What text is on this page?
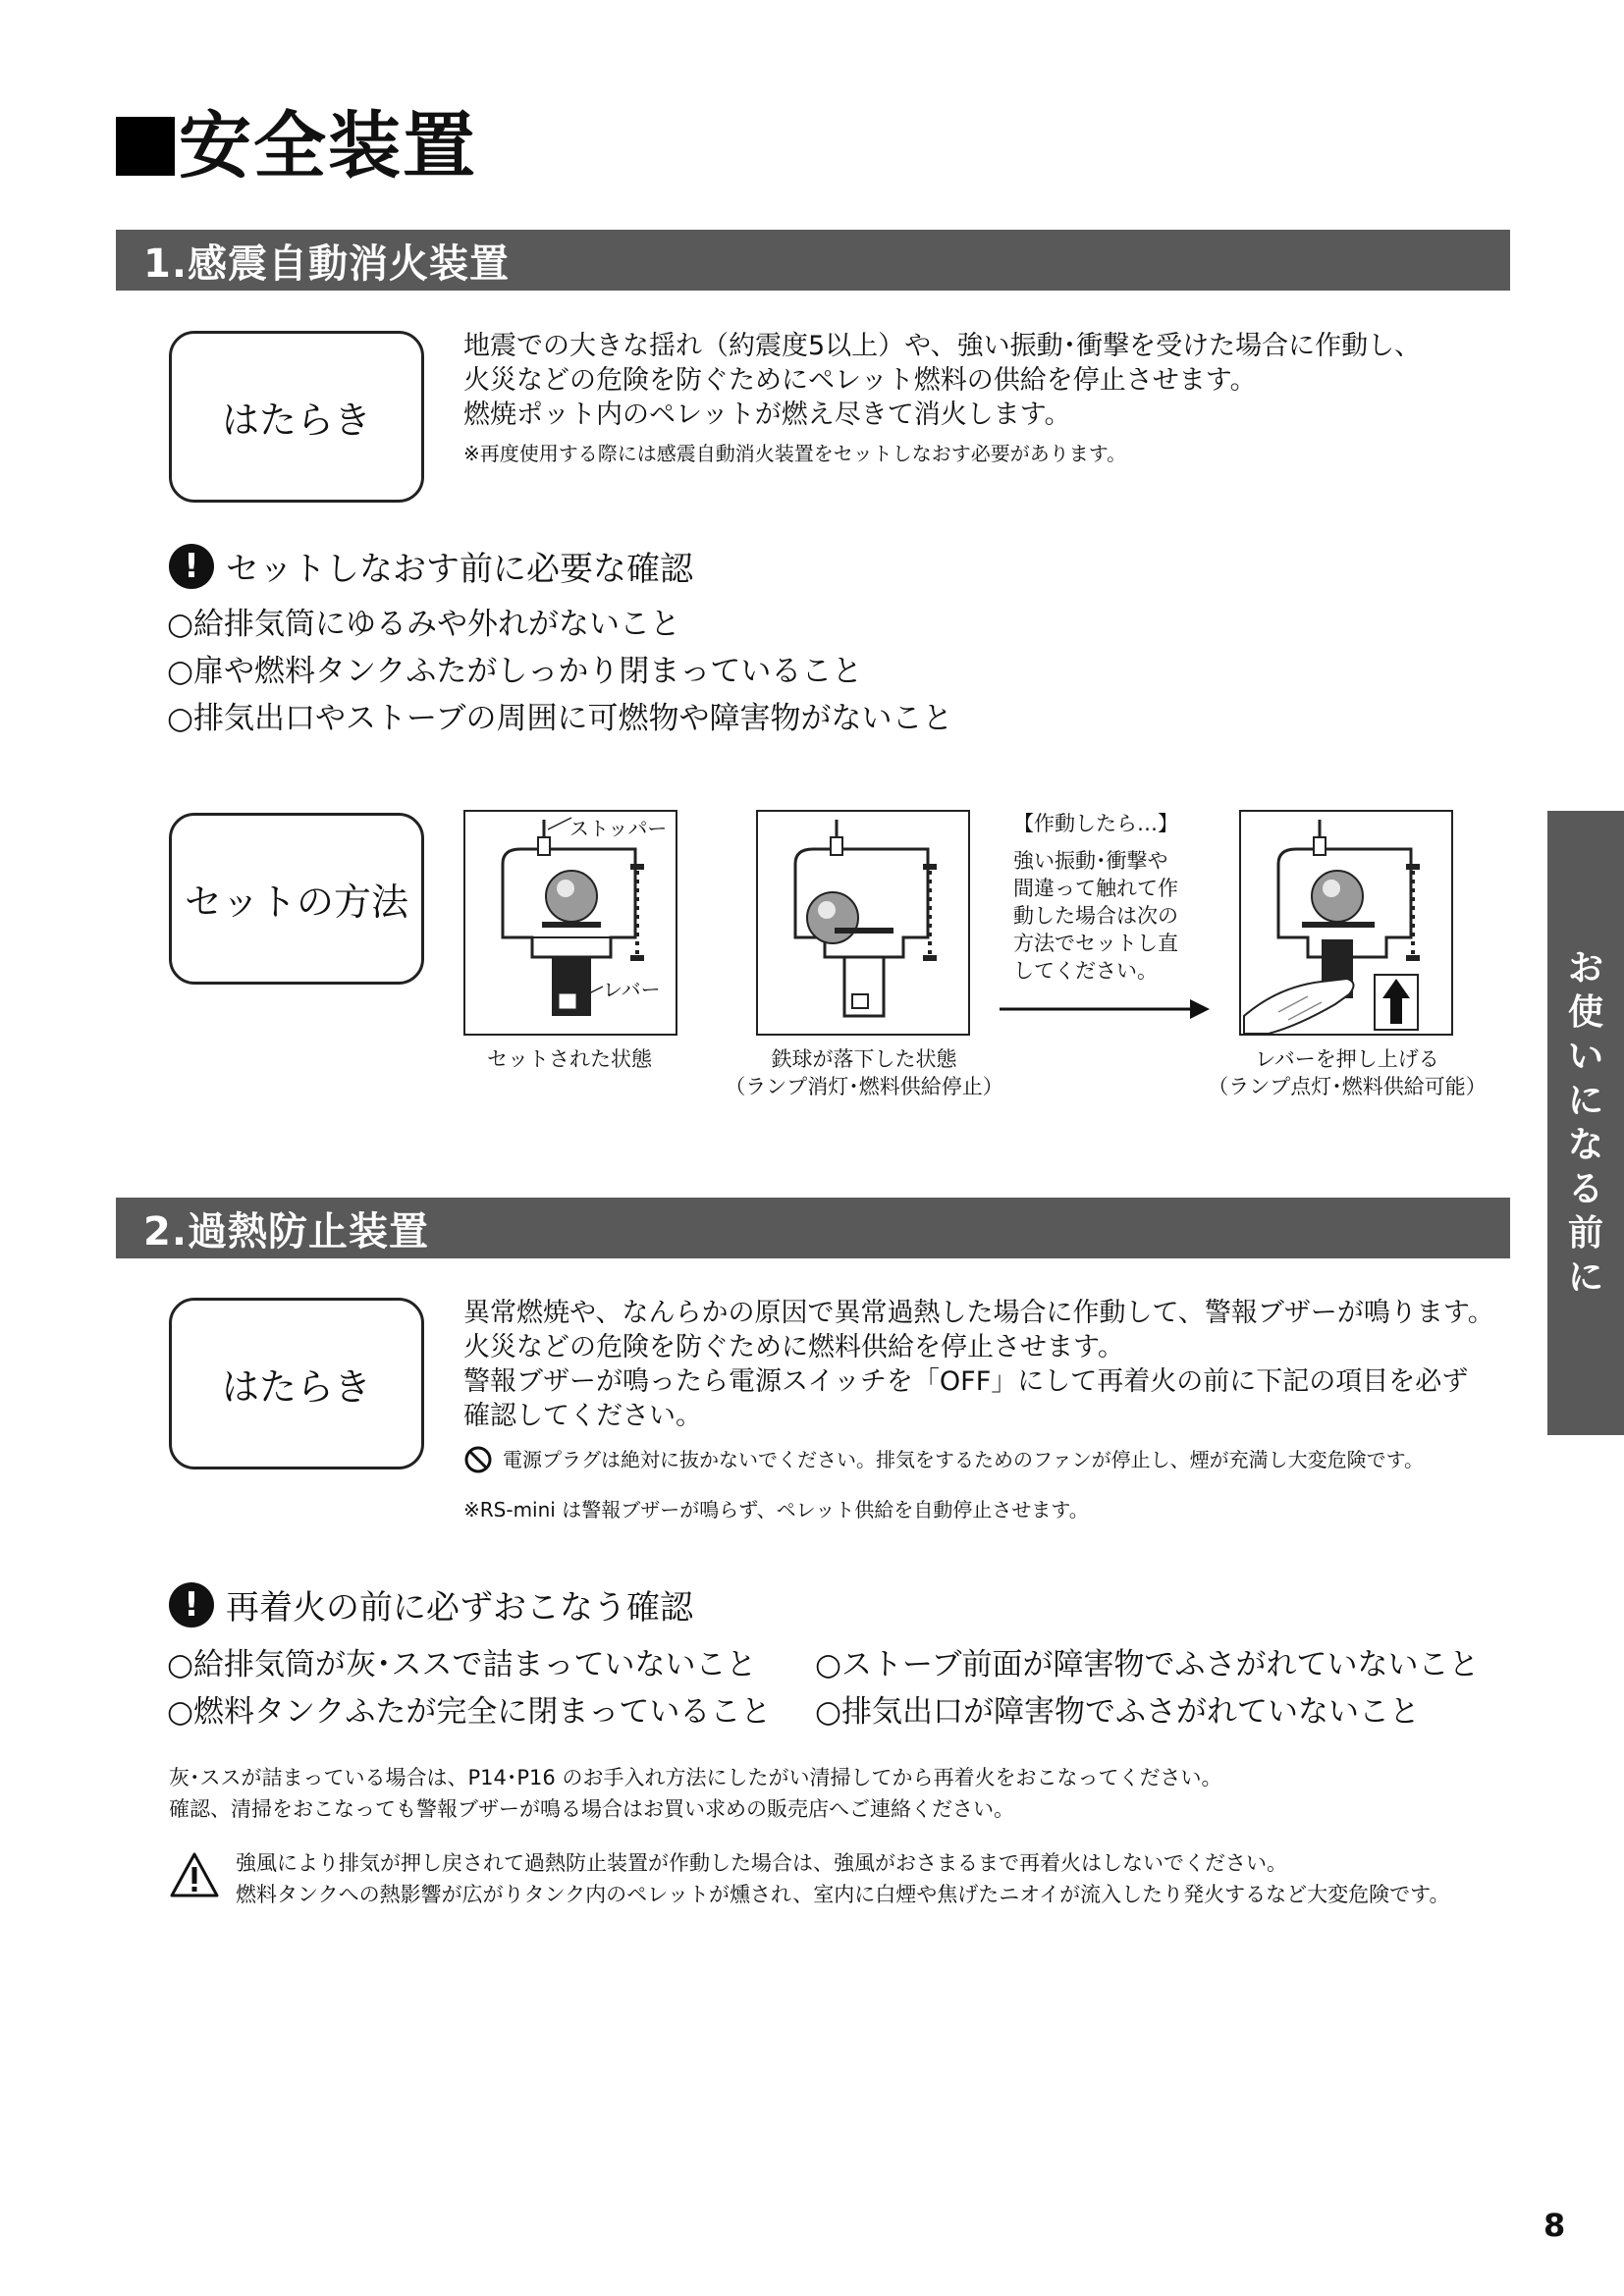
安全装置
お
使
い
に
な
る
前
に
1.感震自動消火装置
はたらき
地震での大きな揺れ（約震度5以上）や、強い振動･衝撃を受けた場合に作動し、
火災などの危険を防ぐためにペレット燃料の供給を停止させます。
燃焼ポット内のペレットが燃え尽きて消火します。
※再度使用する際には感震自動消火装置をセットしなおす必要があります。
! セットしなおす前に必要な確認
○給排気筒にゆるみや外れがないこと
○扉や燃料タンクふたがしっかり閉まっていること
○排気出口やストーブの周囲に可燃物や障害物がないこと
セットの方法
ストッパー
レバー
セットされた状態	鉄球が落下した状態
（ランプ消灯･燃料供給停止）
【作動したら…】
強い振動･衝撃や
間違って触れて作
動した場合は次の
方法でセットし直
してください。
レバーを押し上げる
（ランプ点灯･燃料供給可能）
2.過熱防止装置
はたらき
異常燃焼や、なんらかの原因で異常過熱した場合に作動して、警報ブザーが鳴ります。
火災などの危険を防ぐために燃料供給を停止させます。
警報ブザーが鳴ったら電源スイッチを「OFF」にして再着火の前に下記の項目を必ず
確認してください。
電源プラグは絶対に抜かないでください。排気をするためのファンが停止し、煙が充満し大変危険です。
※RS-mini は警報ブザーが鳴らず、ペレット供給を自動停止させます。
! 再着火の前に必ずおこなう確認
○給排気筒が灰･ススで詰まっていないこと
○燃料タンクふたが完全に閉まっていること
○ストーブ前面が障害物でふさがれていないこと
○排気出口が障害物でふさがれていないこと
灰･ススが詰まっている場合は、P14･P16 のお手入れ方法にしたがい清掃してから再着火をおこなってください。
確認、清掃をおこなっても警報ブザーが鳴る場合はお買い求めの販売店へご連絡ください。
強風により排気が押し戻されて過熱防止装置が作動した場合は、強風がおさまるまで再着火はしないでください。
燃料タンクへの熱影響が広がりタンク内のペレットが燻され、室内に白煙や焦げたニオイが流入したり発火するなど大変危険です。
8
